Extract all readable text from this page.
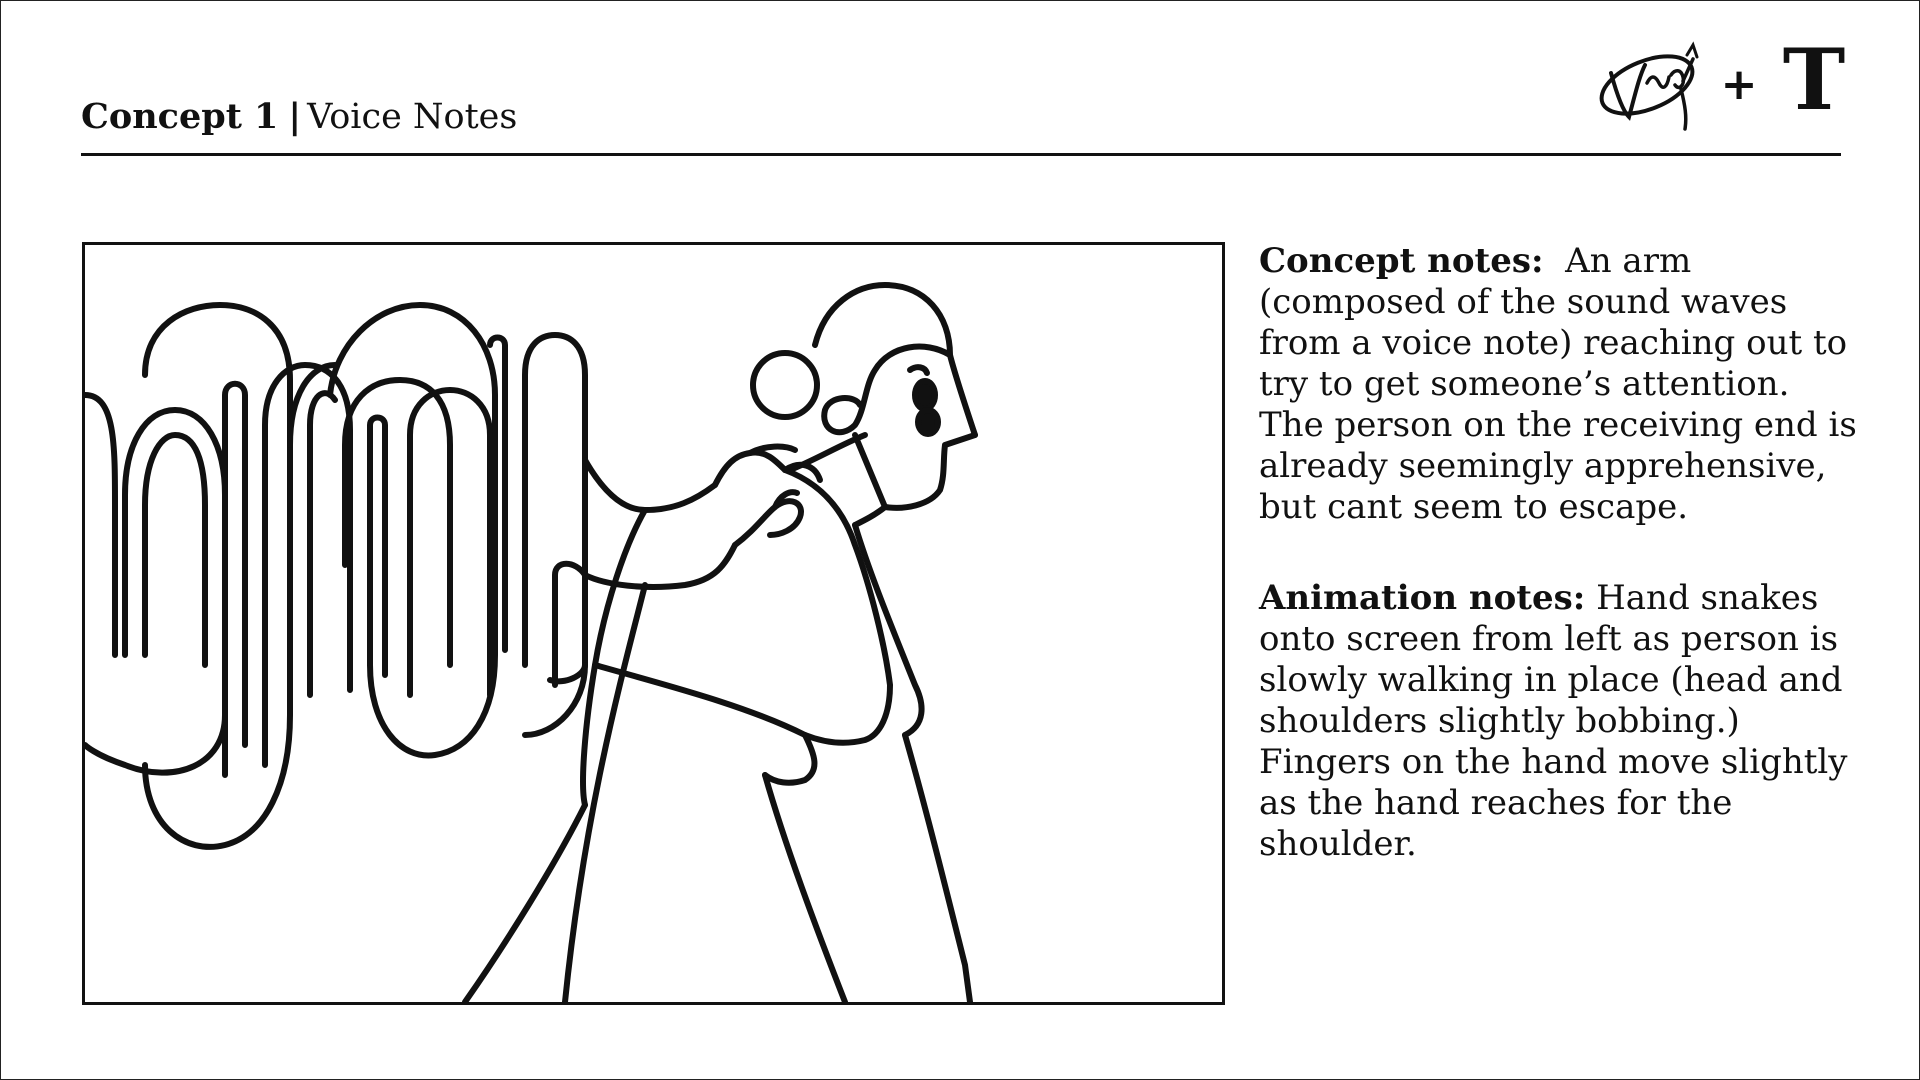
Concept 1 | Voice Notes
+ T

Concept notes: An arm (composed of the sound waves from a voice note) reaching out to try to get someone’s attention. The person on the receiving end is already seemingly apprehensive, but cant seem to escape.

Animation notes: Hand snakes onto screen from left as person is slowly walking in place (head and shoulders slightly bobbing.) Fingers on the hand move slightly as the hand reaches for the shoulder.
